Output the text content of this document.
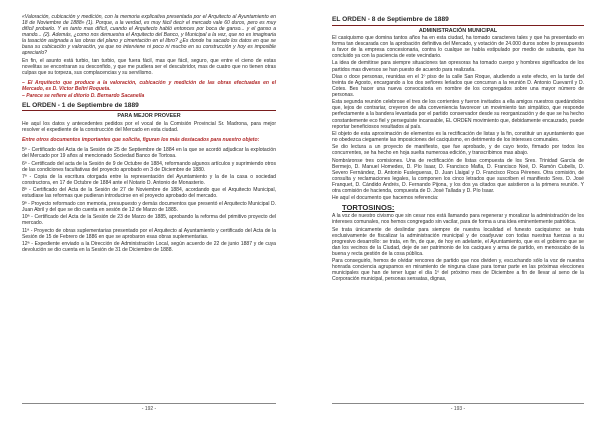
«Valoración, cubicación y medición, con la memoria explicativa presentada por el Arquitecto al Ayuntamiento en 18 de Noviembre de 1888» (1). Porque, a la verdad, es muy fácil decir el mercado vale 60 duros, pero es muy difícil probarlo. Y es tanto mas difícil, cuando el Arquitecto habló entonces por boca de ganso... y el ganso a mando... (2). Además, ¿como nos demuestra el Arquitecto del Banco, y Municipal a la vez, que no es imaginaria la tasación asignada a las obras del plano y cimentación en el libro? ¿Es donde ha sacado los datos en que se basa su cubicación y valoración, ya que no interviene ni poco ni mucho en su construcción y hoy es imposible apreciarlo?

En fin, el asunto está turbio, tan turbio, que fuera fácil, mas que fácil, seguro, que entre el cieno de estas novelitas se encontraran su desconfido, y que me pudiera ser el descubridor, mas de cuatro que no tienen otras culpas que su torpeza, sus complacencias y su servilismo.

– El Arquitecto que produce a la valoración, cubicación y medición de las obras efectuadas en el Mercado, es D. Víctor Beltrí Roqueta.

– Parece se refiere al ditorio D. Bernardo Sacanella

EL ORDEN - 1 de Septiembre de 1889
PARA MEJOR PROVEER

He aquí los datos y antecedentes pedidos por el vocal de la Comisión Provincial Sr. Madrona, para mejor resolver el expediente de la construcción del Mercado en esta ciudad.

Entre otros documentos importantes que solicita, figuran los más destacados para nuestro objeto:

5ª - Certificado del Acta de la Sesión de 25 de Septiembre de 1884 en la que se acordó adjudicar la explotación del Mercado por 19 años al mencionado Sociedad Banco de Tortosa.

6ª - Certificado del acta de la Sesión de 9 de Octubre de 1884, reformando algunos artículos y suprimiendo otros de las condiciones facultativas del proyecto aprobado en 3 de Diciembre de 1880.

7ª - Copia de la escritura otorgada entre la representación del Ayuntamiento y la de la casa o sociedad constructora, en 17 de Octubre de 1884 ante el Notario D. Antonio de Monasterio.

8ª - Certificado del Acta de la Sesión de 27 de Noviembre de 1884, acordando que el Arquitecto Municipal, estudiase las reformas que pudieran introducirse en el proyecto aprobado del mercado.

9ª - Proyecto reformado con memoria, presupuesto y demás documentos que presentó el Arquitecto Municipal D. Juan Abril y del que se dio cuenta en sesión de 12 de Marzo de 1885.

10ª - Certificado del Acta de la Sesión de 23 de Marzo de 1885, aprobando la reforma del primitivo proyecto del mercado.

11ª - Proyecto de obras suplementarias presentado por el Arquitecto al Ayuntamiento y certificado del Acta de la Sesión de 15 de Febrero de 1886 en que se aprobaron esas obras suplementarias.

12ª - Expediente enviado a la Dirección de Administración Local, según acuerdo de 22 de junio 1887 y de cuya devolución se dio cuenta en la Sesión de 31 de Diciembre de 1888.

- 192 -
EL ORDEN - 8 de Septiembre de 1889
ADMINISTRACIÓN MUNICIPAL

El casiquismo que domina tantos años ha en esta ciudad, ha tomado caracteres tales y que ha presentado en forma tan descarada con la aprobación definitiva del Mercado, y votación de 24.000 duros sobre lo presupuesto a favor de la empresa concesionaria, contra lo cualque se había estipulado por medio de subasta, que ha concluido ya con la paciencia de este vecindario.

La idea de demitirse para siempre situaciones tan opresoras ha tomado cuerpo y hombres significados de los partidos mas diversos se han puesto de acuerdo para realizarla.

Días o doce personas, reunidas en el 1º piso de la calle San Roque, aludiendo a este efecto, en la tarde del treinta de Agosto, encargando a los dos señores lerlados que concurran a la reunión D. Antonio Cuevarril y D. Cotes. Bes hacer una nueva convocatoria en nombre de los congregados sobre una mayor número de personas.

Esta segunda reunión celebrose el tres de los corrientes y fueron invitados a ella amigos nuestros quedándolos que, lejos de contrariar, creyeron de alta conveniencia favorecer un movimiento tan simpático, que responde perfectamente a la bandera levantada por el partido conservador desde su reorganización y de que se ha hecho constantemente eco fiel y perseguiste incansable, EL ORDEN movimiento que, debidamente encauzado, puede reportar beneficiosos resultados al país.

El objeto de esta aproximación de elementos es la rectificación de listas y la fin, constituir un ayuntamiento que no obedezca ciegamente las imposiciones del caciquismo, en detrimento de los intereses comunales.

Se dio lectura a un proyecto de manifiesto, que fue aprobado, y de cuyo texto, firmado por todos los concurrentes, se ha hecho en hoja suelta numerosa edición, y transcribimos mas abajo.

Nombráronse tres comisiones. Una de rectificación de listas compuesta de los Sres. Trinidad García de Bermejo, D. Manuel Homedes, D. Pío Isaar, D. Francisco Mafla, D. Francisco Noé, D. Ramón Cubells, D. Severo Fernández, D. Antonio Fuslegueras, D. Juan Llaigal y D. Francisco Roca Pérenes. Otra comisión, de consulta y reclamaciones legales, la componen los cinco letrados que suscriben el manifiesto Sres. D. José Franquet, D. Cándido Andrés, D. Fernando Pijona, y los dos ya citados que asistieron a la primera reunión. Y otra comisión de hacienda, compuesta de D. José Tallada y D. Pío Isaar.

He aquí el documento que hacemos referencia:

TORTOSINOS:

A la voz de nuestro civismo que sin cesar nos está llamando para regenerar y moralizar la administración de los intereses comunales, nos hemos congregado sin vacilar, para de forma a una idea eminentemente patriótica.

Se trata únicamente de deslindar para siempre de nuestra localidad el funesto caciquismo: se trata exclusivamente de fiscalizar la administración municipal y de coadyuvar con todas nuestras fuerzas a su progresivo desarrollo: se trata, en fin, de que, de hoy en adelante, el Ayuntamiento, que es el gobierno que se dan los vecinos de la Ciudad, deje de ser patrimonio de los caciques y arma de partido, en menoscabo de la buena y recta gestión de la cosa pública.

Para conseguirlo, hemos de olvidar rencores de partido que nos dividen y, escuchando sólo la voz de nuestra honrada conciencia agrupamos en miramiento de ninguna clase para tomar parte en las próximas elecciones municipales que han de tener lugar el día 1º del próximo mes de Diciembre a fin de llevar al seno de la Corporación municipal, personas sensatas, dignas,

- 193 -
